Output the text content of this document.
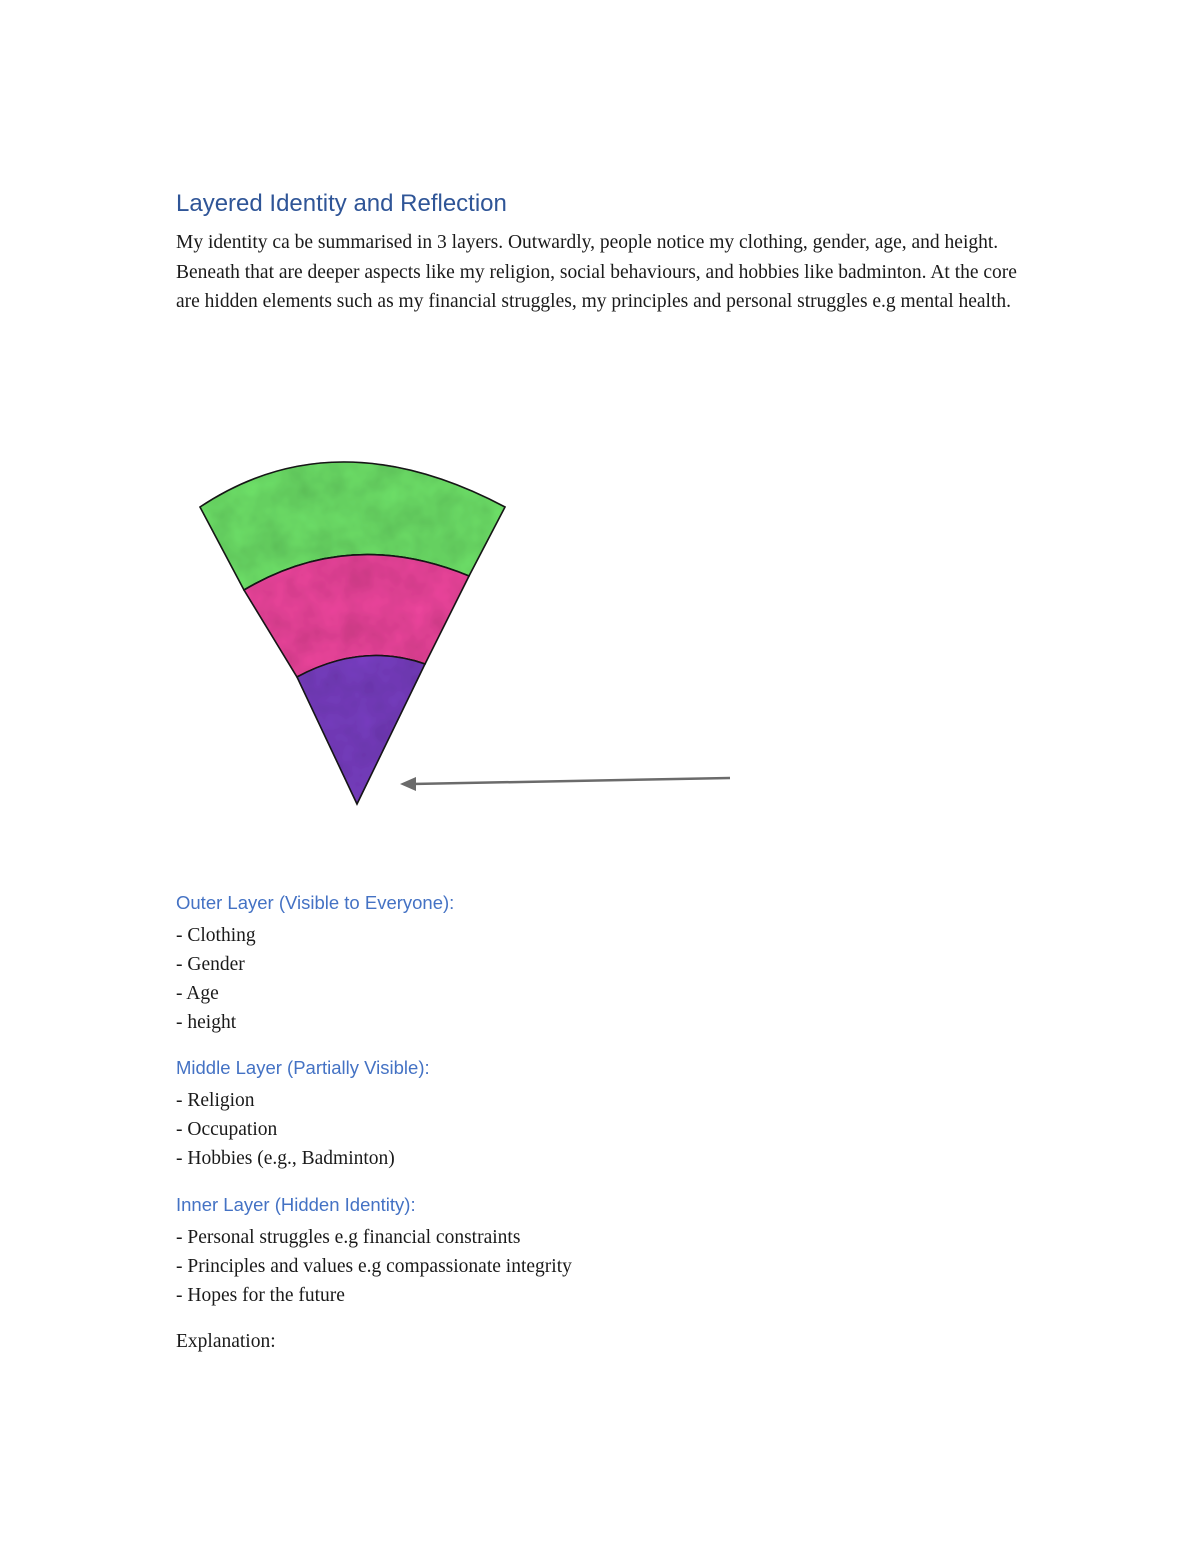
Layered Identity and Reflection

My identity ca be summarised in 3 layers. Outwardly, people notice my clothing, gender, age, and height. Beneath that are deeper aspects like my religion, social behaviours, and hobbies like badminton. At the core are hidden elements such as my financial struggles, my principles and personal struggles e.g mental health.

Outer Layer (Visible to Everyone):
- Clothing
- Gender
- Age
- height
Middle Layer (Partially Visible):
- Religion
- Occupation
- Hobbies (e.g., Badminton)
Inner Layer (Hidden Identity):
- Personal struggles e.g financial constraints
- Principles and values e.g compassionate integrity
- Hopes for the future

Explanation:
